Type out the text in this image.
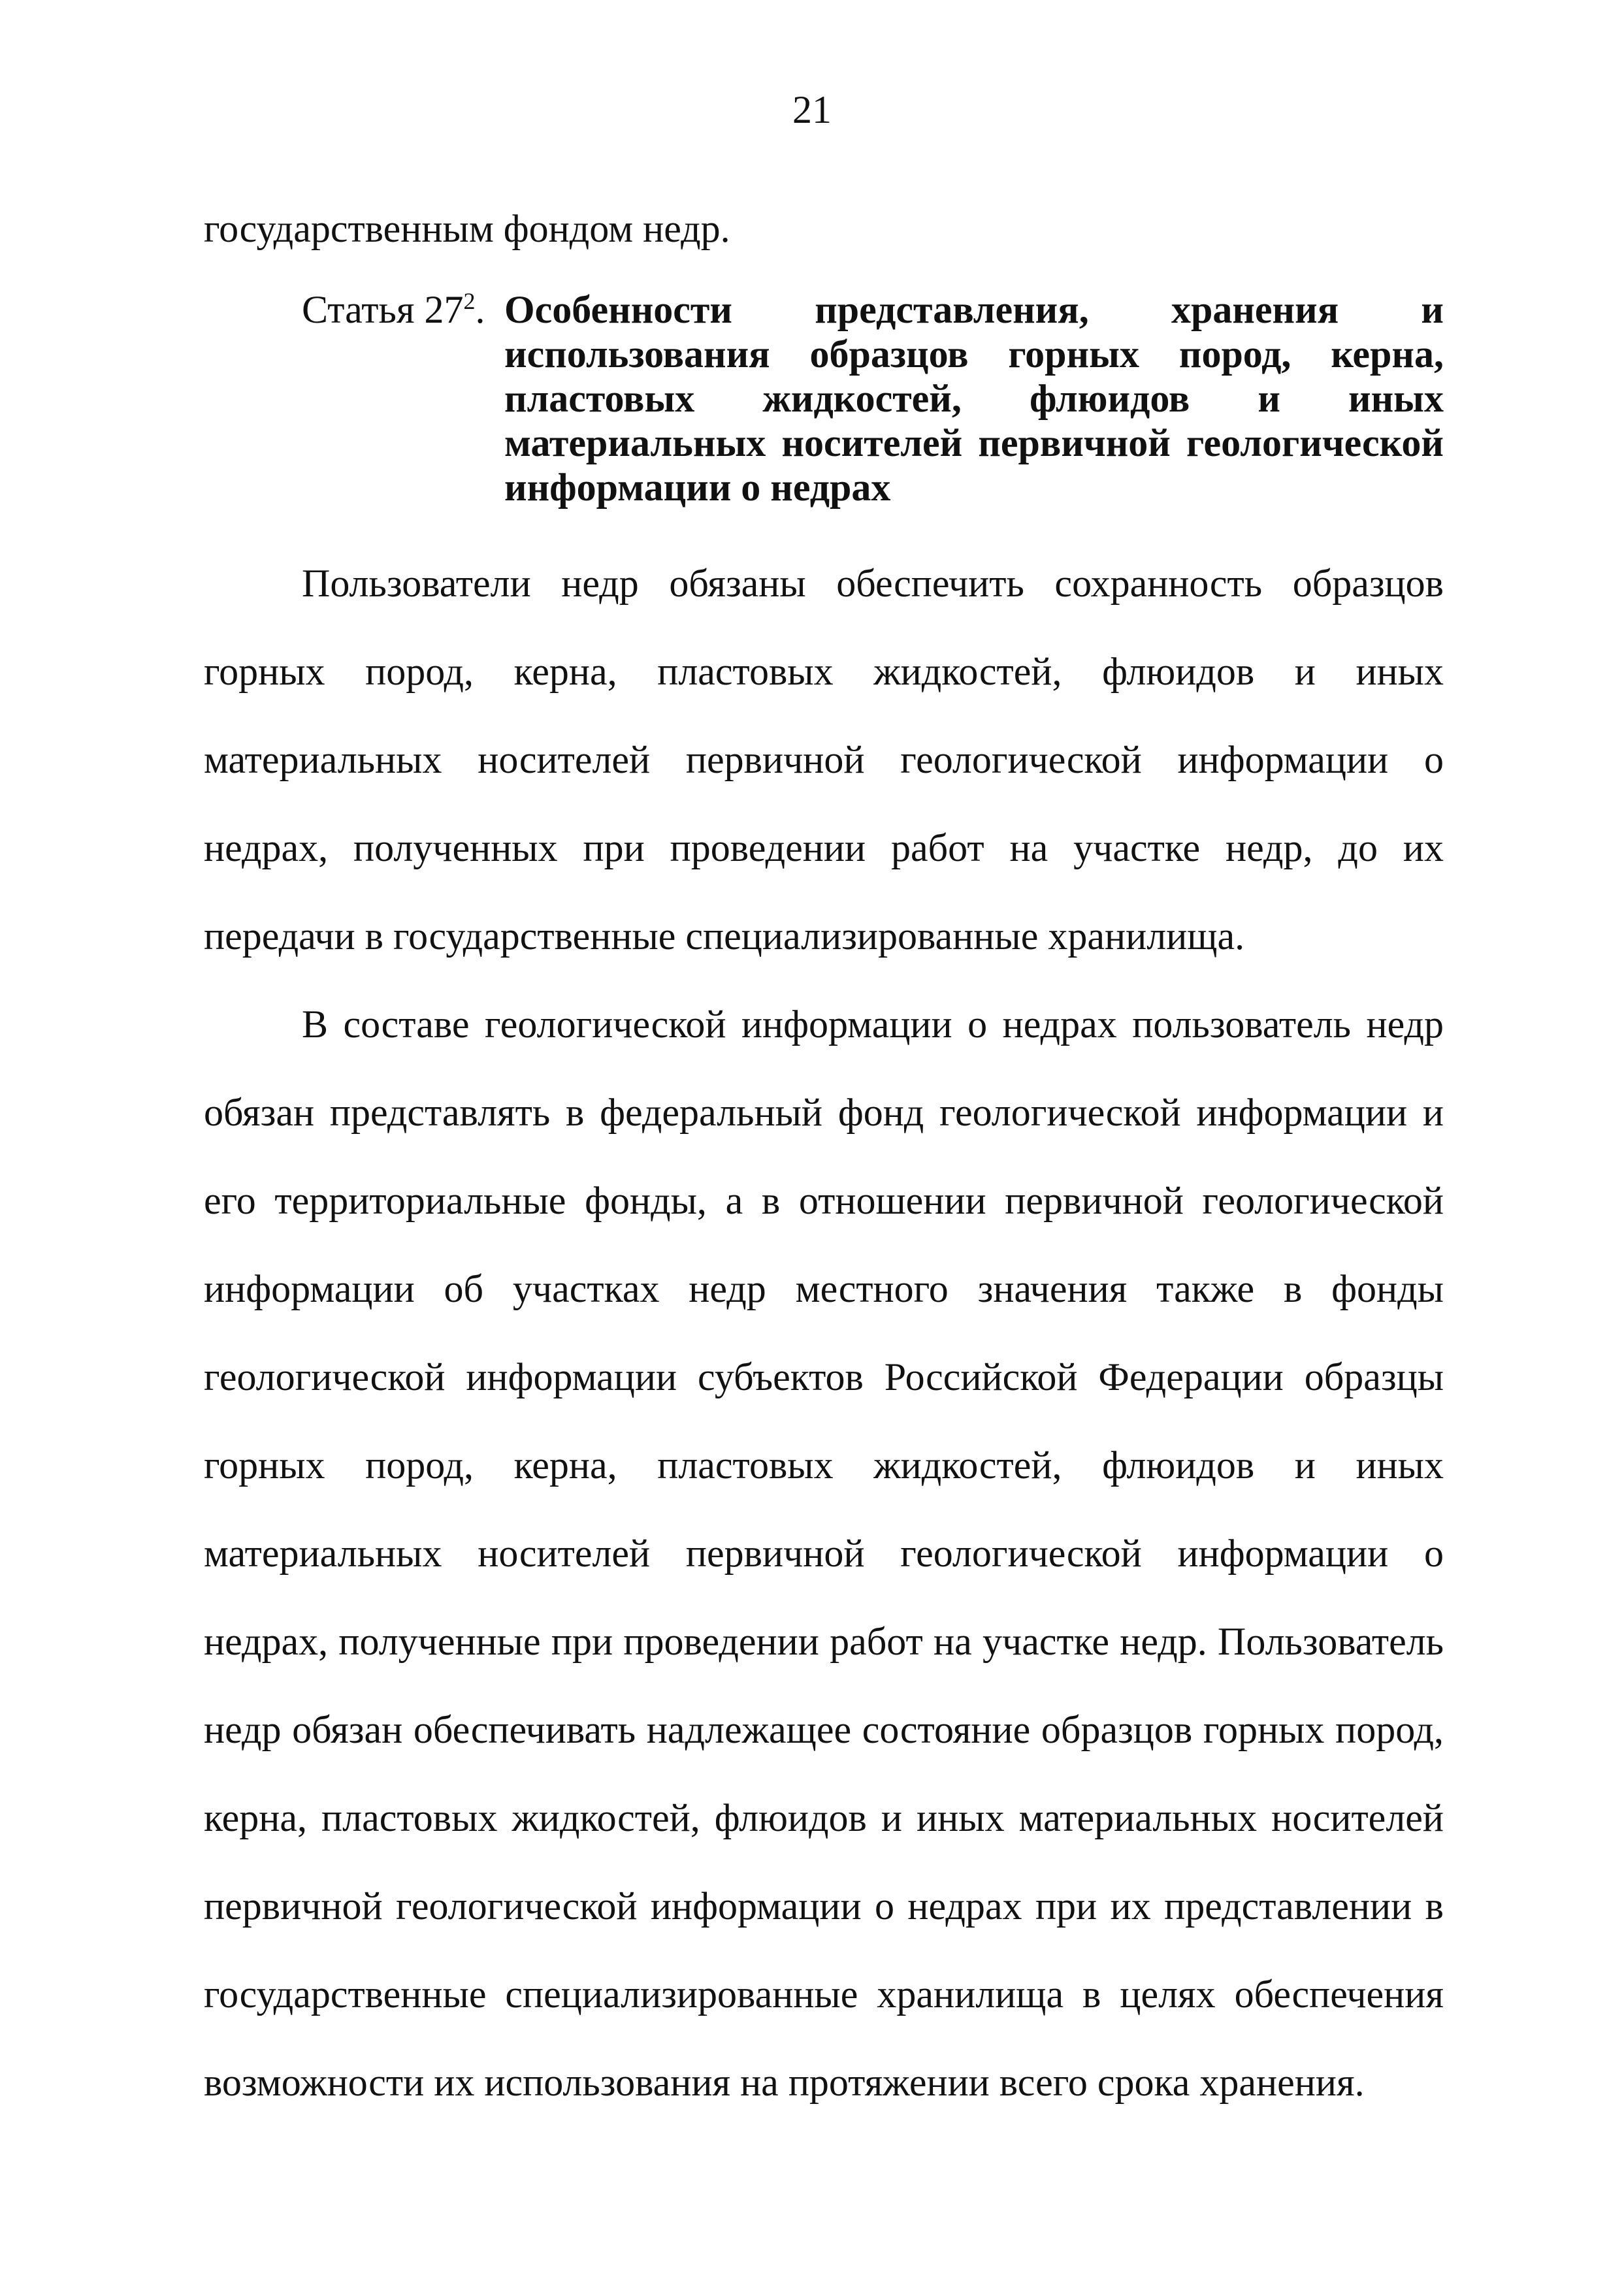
21
государственным фондом недр.
Статья $27^2$. Особенности представления, хранения и использования образцов горных пород, керна, пластовых жидкостей, флюидов и иных материальных носителей первичной геологической информации о недрах
Пользователи недр обязаны обеспечить сохранность образцов горных пород, керна, пластовых жидкостей, флюидов и иных материальных носителей первичной геологической информации о недрах, полученных при проведении работ на участке недр, до их передачи в государственные специализированные хранилища.
В составе геологической информации о недрах пользователь недр обязан представлять в федеральный фонд геологической информации и его территориальные фонды, а в отношении первичной геологической информации об участках недр местного значения также в фонды геологической информации субъектов Российской Федерации образцы горных пород, керна, пластовых жидкостей, флюидов и иных материальных носителей первичной геологической информации о недрах, полученные при проведении работ на участке недр. Пользователь недр обязан обеспечивать надлежащее состояние образцов горных пород, керна, пластовых жидкостей, флюидов и иных материальных носителей первичной геологической информации о недрах при их представлении в государственные специализированные хранилища в целях обеспечения возможности их использования на протяжении всего срока хранения.
